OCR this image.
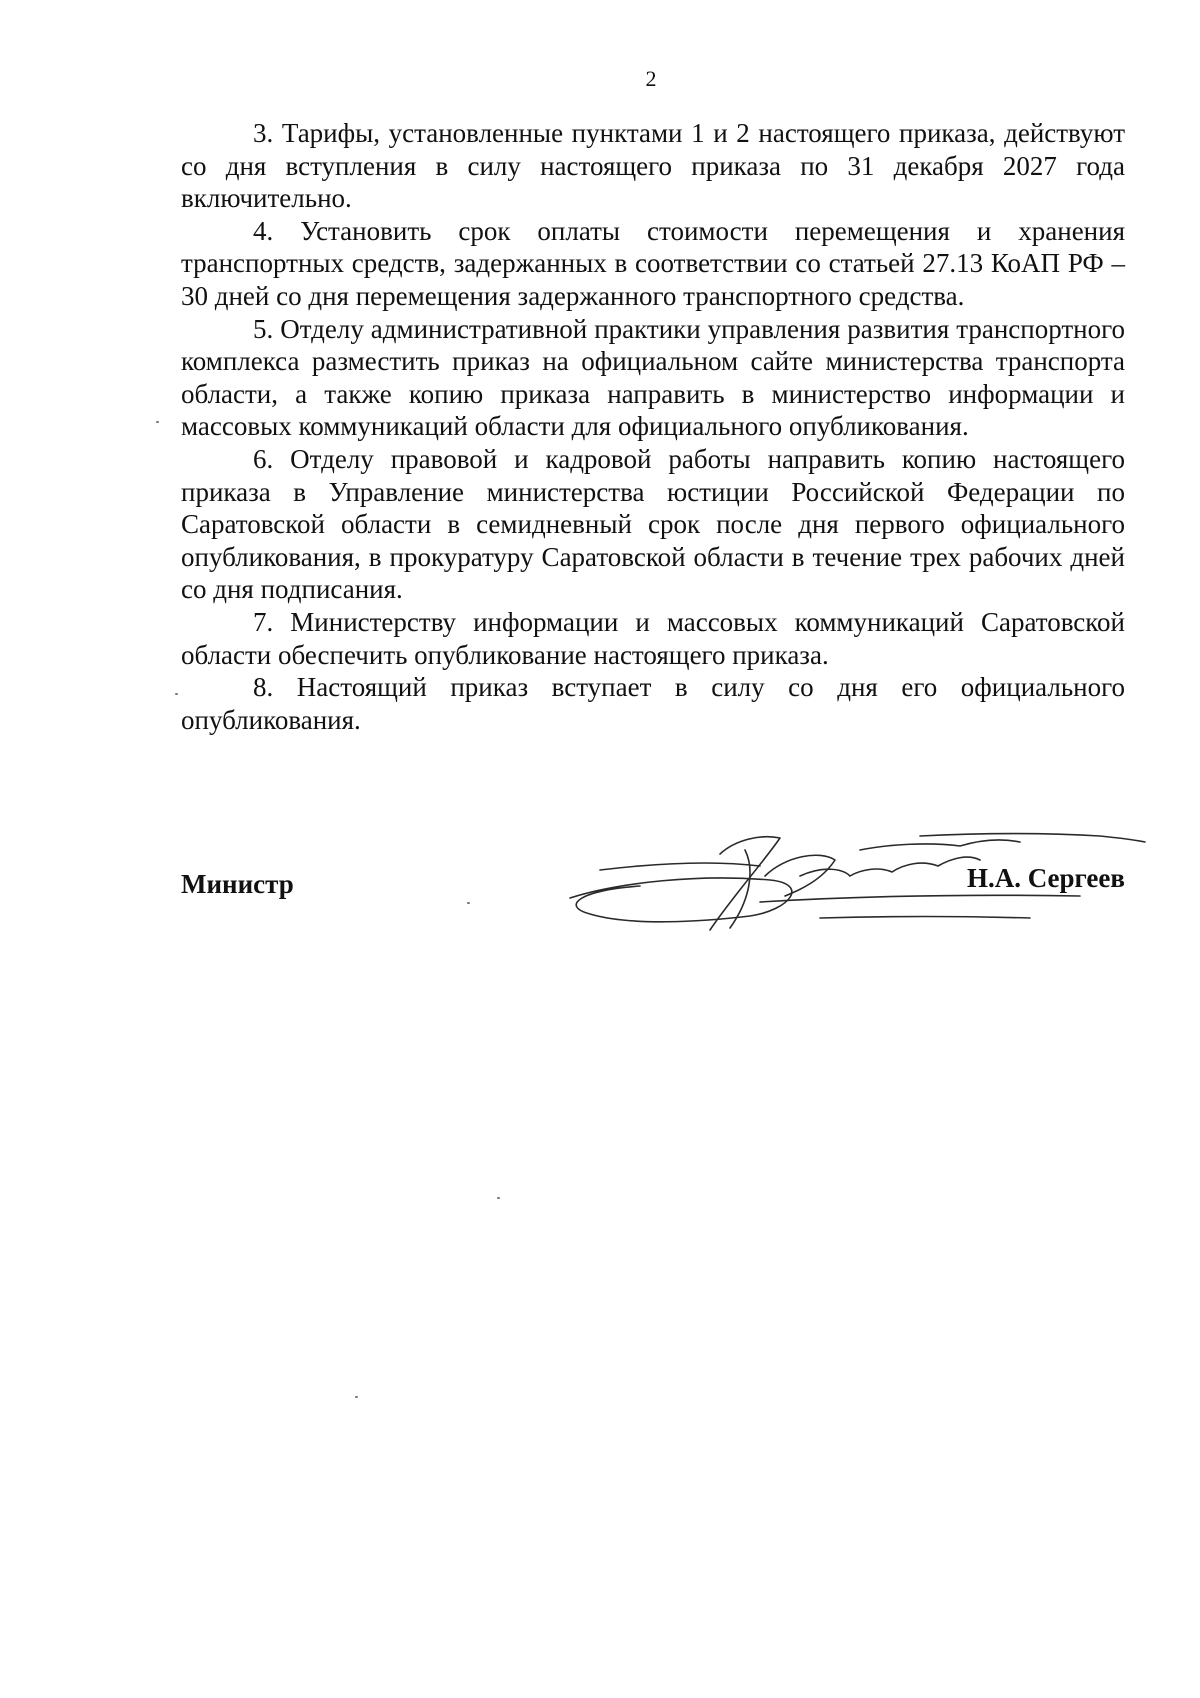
2

3. Тарифы, установленные пунктами 1 и 2 настоящего приказа, действуют со дня вступления в силу настоящего приказа по 31 декабря 2027 года включительно.

4. Установить срок оплаты стоимости перемещения и хранения транспортных средств, задержанных в соответствии со статьей 27.13 КоАП РФ – 30 дней со дня перемещения задержанного транспортного средства.

5. Отделу административной практики управления развития транспортного комплекса разместить приказ на официальном сайте министерства транспорта области, а также копию приказа направить в министерство информации и массовых коммуникаций области для официального опубликования.

6. Отделу правовой и кадровой работы направить копию настоящего приказа в Управление министерства юстиции Российской Федерации по Саратовской области в семидневный срок после дня первого официального опубликования, в прокуратуру Саратовской области в течение трех рабочих дней со дня подписания.

7. Министерству информации и массовых коммуникаций Саратовской области обеспечить опубликование настоящего приказа.

8. Настоящий приказ вступает в силу со дня его официального опубликования.

Министр	Н.А. Сергеев
